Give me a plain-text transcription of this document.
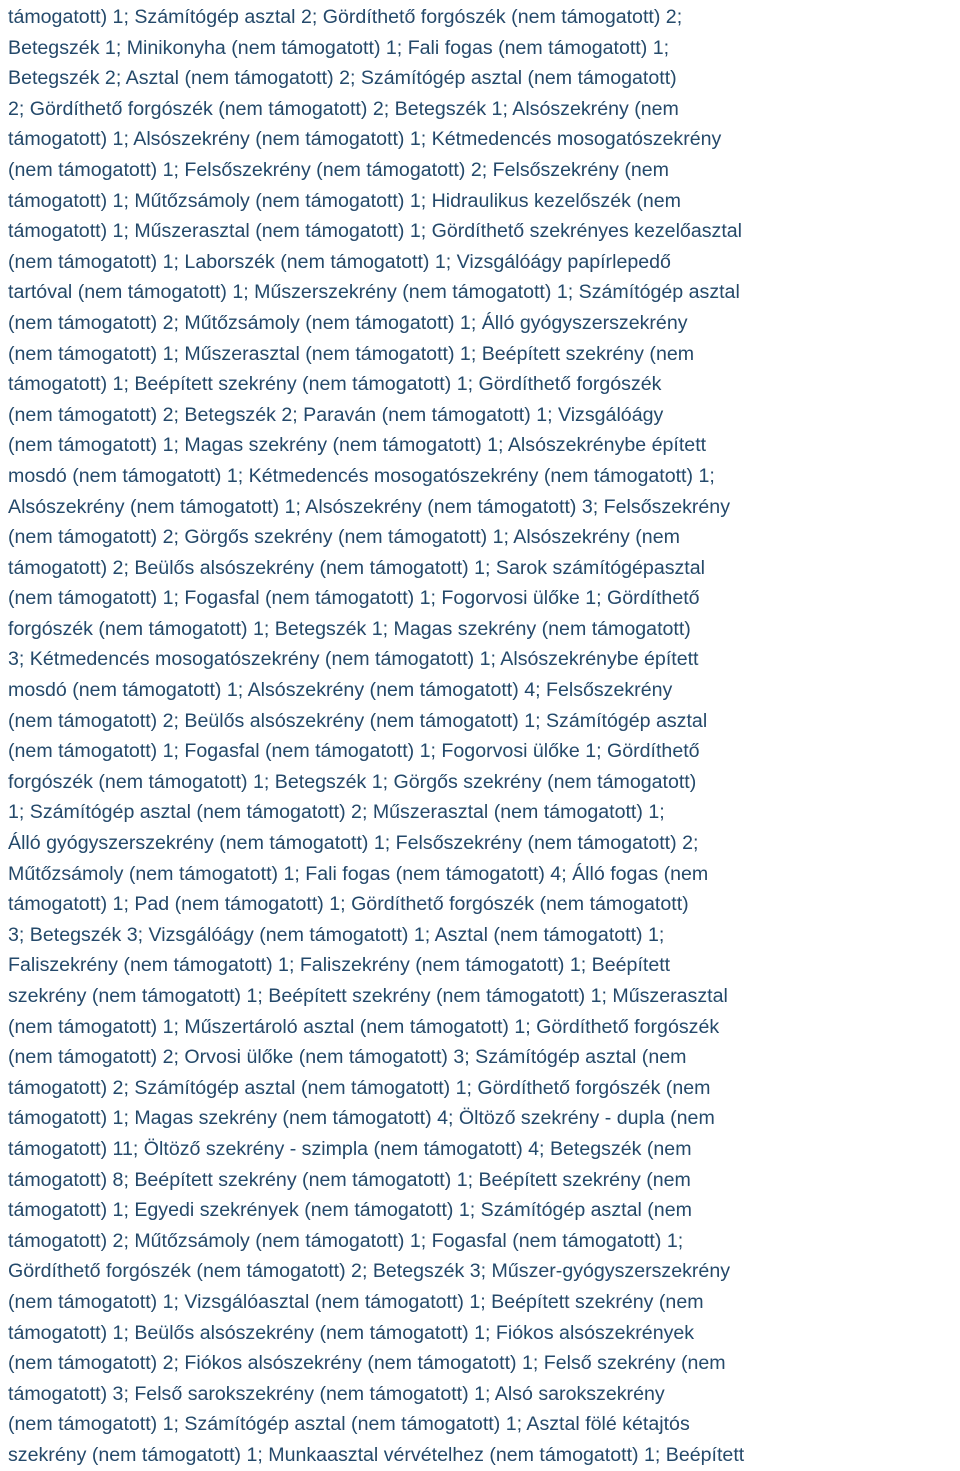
támogatott) 1; Számítógép asztal 2; Gördíthető forgószék (nem támogatott) 2;
Betegszék 1; Minikonyha (nem támogatott) 1; Fali fogas (nem támogatott) 1;
Betegszék 2; Asztal (nem támogatott) 2; Számítógép asztal (nem támogatott)
2; Gördíthető forgószék (nem támogatott) 2; Betegszék 1; Alsószekrény (nem
támogatott) 1; Alsószekrény (nem támogatott) 1; Kétmedencés mosogatószekrény
(nem támogatott) 1; Felsőszekrény (nem támogatott) 2; Felsőszekrény (nem
támogatott) 1; Műtőzsámoly (nem támogatott) 1; Hidraulikus kezelőszék (nem
támogatott) 1; Műszerasztal (nem támogatott) 1; Gördíthető szekrényes kezelőasztal
(nem támogatott) 1; Laborszék (nem támogatott) 1; Vizsgálóágy papírlepedő
tartóval (nem támogatott) 1; Műszerszekrény (nem támogatott) 1; Számítógép asztal
(nem támogatott) 2; Műtőzsámoly (nem támogatott) 1; Álló gyógyszerszekrény
(nem támogatott) 1; Műszerasztal (nem támogatott) 1; Beépített szekrény (nem
támogatott) 1; Beépített szekrény (nem támogatott) 1; Gördíthető forgószék
(nem támogatott) 2; Betegszék 2; Paraván (nem támogatott) 1; Vizsgálóágy
(nem támogatott) 1; Magas szekrény (nem támogatott) 1; Alsószekrénybe épített
mosdó (nem támogatott) 1; Kétmedencés mosogatószekrény (nem támogatott) 1;
Alsószekrény (nem támogatott) 1; Alsószekrény (nem támogatott) 3; Felsőszekrény
(nem támogatott) 2; Görgős szekrény (nem támogatott) 1; Alsószekrény (nem
támogatott) 2; Beülős alsószekrény (nem támogatott) 1; Sarok számítógépasztal
(nem támogatott) 1; Fogasfal (nem támogatott) 1; Fogorvosi ülőke 1; Gördíthető
forgószék (nem támogatott) 1; Betegszék 1; Magas szekrény (nem támogatott)
3; Kétmedencés mosogatószekrény (nem támogatott) 1; Alsószekrénybe épített
mosdó (nem támogatott) 1; Alsószekrény (nem támogatott) 4; Felsőszekrény
(nem támogatott) 2; Beülős alsószekrény (nem támogatott) 1; Számítógép asztal
(nem támogatott) 1; Fogasfal (nem támogatott) 1; Fogorvosi ülőke 1; Gördíthető
forgószék (nem támogatott) 1; Betegszék 1; Görgős szekrény (nem támogatott)
1; Számítógép asztal (nem támogatott) 2; Műszerasztal (nem támogatott) 1;
Álló gyógyszerszekrény (nem támogatott) 1; Felsőszekrény (nem támogatott) 2;
Műtőzsámoly (nem támogatott) 1; Fali fogas (nem támogatott) 4; Álló fogas (nem
támogatott) 1; Pad (nem támogatott) 1; Gördíthető forgószék (nem támogatott)
3; Betegszék 3; Vizsgálóágy (nem támogatott) 1; Asztal (nem támogatott) 1;
Faliszekrény (nem támogatott) 1; Faliszekrény (nem támogatott) 1; Beépített
szekrény (nem támogatott) 1; Beépített szekrény (nem támogatott) 1; Műszerasztal
(nem támogatott) 1; Műszertároló asztal (nem támogatott) 1; Gördíthető forgószék
(nem támogatott) 2; Orvosi ülőke (nem támogatott) 3; Számítógép asztal (nem
támogatott) 2; Számítógép asztal (nem támogatott) 1; Gördíthető forgószék (nem
támogatott) 1; Magas szekrény (nem támogatott) 4; Öltöző szekrény - dupla (nem
támogatott) 11; Öltöző szekrény - szimpla (nem támogatott) 4; Betegszék (nem
támogatott) 8; Beépített szekrény (nem támogatott) 1; Beépített szekrény (nem
támogatott) 1; Egyedi szekrények (nem támogatott) 1; Számítógép asztal (nem
támogatott) 2; Műtőzsámoly (nem támogatott) 1; Fogasfal (nem támogatott) 1;
Gördíthető forgószék (nem támogatott) 2; Betegszék 3; Műszer-gyógyszerszekrény
(nem támogatott) 1; Vizsgálóasztal (nem támogatott) 1; Beépített szekrény (nem
támogatott) 1; Beülős alsószekrény (nem támogatott) 1; Fiókos alsószekrények
(nem támogatott) 2; Fiókos alsószekrény (nem támogatott) 1; Felső szekrény (nem
támogatott) 3; Felső sarokszekrény (nem támogatott) 1; Alsó sarokszekrény
(nem támogatott) 1; Számítógép asztal (nem támogatott) 1; Asztal fölé kétajtós
szekrény (nem támogatott) 1; Munkaasztal vérvételhez (nem támogatott) 1; Beépített
